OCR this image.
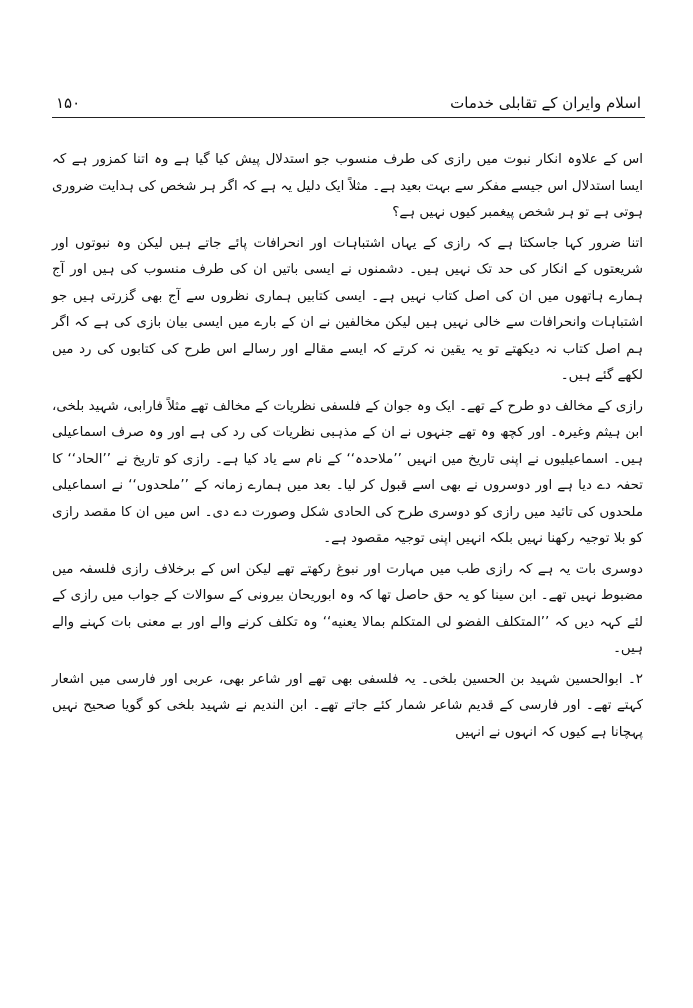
۱۵۰	اسلام وایران کے تقابلی خدمات

اس کے علاوہ انکار نبوت میں رازی کی طرف منسوب جو استدلال پیش کیا گیا ہے وہ اتنا کمزور ہے کہ ایسا استدلال اس جیسے مفکر سے بہت بعید ہے۔ مثلاً ایک دلیل یہ ہے کہ اگر ہر شخص کی ہدایت ضروری ہوتی ہے تو ہر شخص پیغمبر کیوں نہیں ہے؟

اتنا ضرور کہا جاسکتا ہے کہ رازی کے یہاں اشتباہات اور انحرافات پائے جاتے ہیں لیکن وہ نبوتوں اور شریعتوں کے انکار کی حد تک نہیں ہیں۔ دشمنوں نے ایسی باتیں ان کی طرف منسوب کی ہیں اور آج ہمارے ہاتھوں میں ان کی اصل کتاب نہیں ہے۔ ایسی کتابیں ہماری نظروں سے آج بھی گزرتی ہیں جو اشتباہات وانحرافات سے خالی نہیں ہیں لیکن مخالفین نے ان کے بارے میں ایسی بیان بازی کی ہے کہ اگر ہم اصل کتاب نہ دیکھتے تو یہ یقین نہ کرتے کہ ایسے مقالے اور رسالے اس طرح کی کتابوں کی رد میں لکھے گئے ہیں۔

رازی کے مخالف دو طرح کے تھے۔ ایک وہ جوان کے فلسفی نظریات کے مخالف تھے مثلاً فارابی، شہید بلخی، ابن ہیثم وغیرہ۔ اور کچھ وہ تھے جنہوں نے ان کے مذہبی نظریات کی رد کی ہے اور وہ صرف اسماعیلی ہیں۔ اسماعیلیوں نے اپنی تاریخ میں انہیں ’’ملاحدہ‘‘ کے نام سے یاد کیا ہے۔ رازی کو تاریخ نے ’’الحاد‘‘ کا تحفہ دے دیا ہے اور دوسروں نے بھی اسے قبول کر لیا۔ بعد میں ہمارے زمانہ کے ’’ملحدوں‘‘ نے اسماعیلی ملحدوں کی تائید میں رازی کو دوسری طرح کی الحادی شکل وصورت دے دی۔ اس میں ان کا مقصد رازی کو بلا توجیہ رکھنا نہیں بلکہ انہیں اپنی توجیہ مقصود ہے۔

دوسری بات یہ ہے کہ رازی طب میں مہارت اور نبوغ رکھتے تھے لیکن اس کے برخلاف رازی فلسفہ میں مضبوط نہیں تھے۔ ابن سینا کو یہ حق حاصل تھا کہ وہ ابوریحان بیرونی کے سوالات کے جواب میں رازی کے لئے کہہ دیں کہ ’’المتکلف الفضو لی المتکلم بمالا یعنیه‘‘ وہ تکلف کرنے والے اور بے معنی بات کہنے والے ہیں۔

۲۔ ابوالحسین شہید بن الحسین بلخی۔ یہ فلسفی بھی تھے اور شاعر بھی، عربی اور فارسی میں اشعار کہتے تھے۔ اور فارسی کے قدیم شاعر شمار کئے جاتے تھے۔ ابن الندیم نے شہید بلخی کو گویا صحیح نہیں پہچانا ہے کیوں کہ انہوں نے انہیں
